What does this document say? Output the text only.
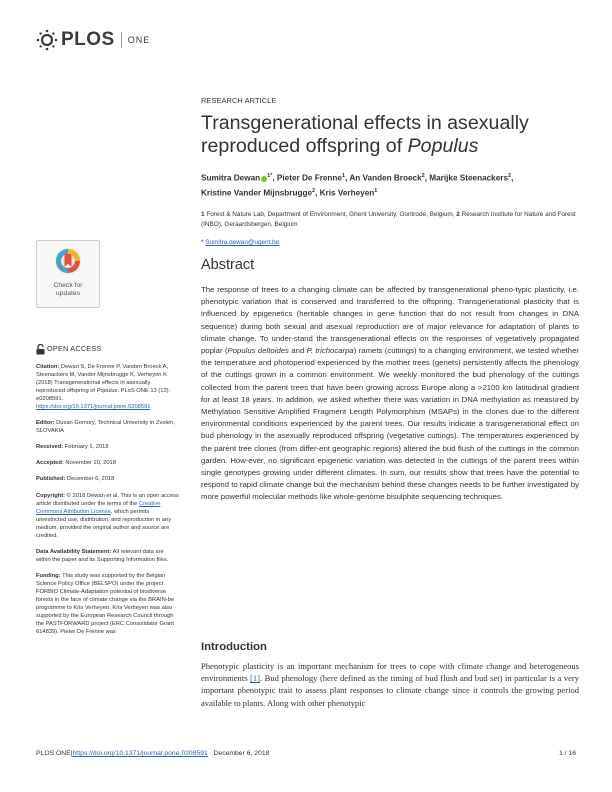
PLOS ONE
RESEARCH ARTICLE
Transgenerational effects in asexually reproduced offspring of Populus
Sumitra Dewan $^{1*}$, Pieter De Frenne$^1$, An Vanden Broeck$^2$, Marijke Steenackers$^2$,
Kristine Vander Mijnsbrugge$^2$, Kris Verheyen$^1$
1 Forest & Nature Lab, Department of Environment, Ghent University, Gontrode, Belgium, 2 Research Institute for Nature and Forest (INBO), Geraardsbergen, Belgium
* Sumitra.dewan@ugent.be
Abstract
The response of trees to a changing climate can be affected by transgenerational pheno-typic plasticity, i.e. phenotypic variation that is conserved and transferred to the offspring. Transgenerational plasticity that is influenced by epigenetics (heritable changes in gene function that do not result from changes in DNA sequence) during both sexual and asexual reproduction are of major relevance for adaptation of plants to climate change. To under-stand the transgenerational effects on the responses of vegetatively propagated poplar (Populus deltoides and P. trichocarpa) ramets (cuttings) to a changing environment, we tested whether the temperature and photoperiod experienced by the mother trees (genets) persistently affects the phenology of the cuttings grown in a common environment. We weekly monitored the bud phenology of the cuttings collected from the parent trees that have been growing across Europe along a >2100 km latitudinal gradient for at least 18 years. In addition, we asked whether there was variation in DNA methylation as measured by Methylation Sensitive Amplified Fragment Length Polymorphism (MSAPs) in the clones due to the different environmental conditions experienced by the parent trees. Our results indicate a transgenerational effect on bud phenology in the asexually reproduced offspring (vegetative cuttings). The temperatures experienced by the parent tree clones (from differ-ent geographic regions) altered the bud flush of the cuttings in the common garden. How-ever, no significant epigenetic variation was detected in the cuttings of the parent trees within single genotypes growing under different climates. In sum, our results show that trees have the potential to respond to rapid climate change but the mechanism behind these changes needs to be further investigated by more powerful molecular methods like whole-genome bisulphite sequencing techniques.
Introduction
Phenotypic plasticity is an important mechanism for trees to cope with climate change and heterogeneous environments [1]. Bud phenology (here defined as the timing of bud flush and bud set) in particular is a very important phenotypic trait to assess plant responses to climate change since it controls the growing period available to plants. Along with other phenotypic
Check for
updates
OPEN ACCESS
Citation: Dewan S, De Frenne P, Vanden Broeck A, Steenackers M, Vander Mijnsbrugge K, Verheyen K (2018) Transgenerational effects in asexually reproduced offspring of Populus. PLoS ONE 13 (12): e0208591. https://doi.org/10.1371/journal.pone.0208591
Editor: Dusan Gomory, Technical University in Zvolen, SLOVAKIA
Received: February 1, 2018
Accepted: November 20, 2018
Published: December 6, 2018
Copyright: © 2018 Dewan et al. This is an open access article distributed under the terms of the Creative Commons Attribution License, which permits unrestricted use, distribution, and reproduction in any medium, provided the original author and source are credited.
Data Availability Statement: All relevant data are within the paper and its Supporting Information files.
Funding: This study was supported by the Belgian Science Policy Office (BELSPO) under the project FORBIO Climate-Adaptation potential of biodiverse forests in the face of climate change via the BRAIN-be programme to Kris Verheyen. Kris Verheyen was also supported by the European Research Council through the PASTFORWARD project (ERC Consolidator Grant 614839). Pieter De Frenne was
PLOS ONE | https://doi.org/10.1371/journal.pone.0208591
December 6, 2018	1 / 16
